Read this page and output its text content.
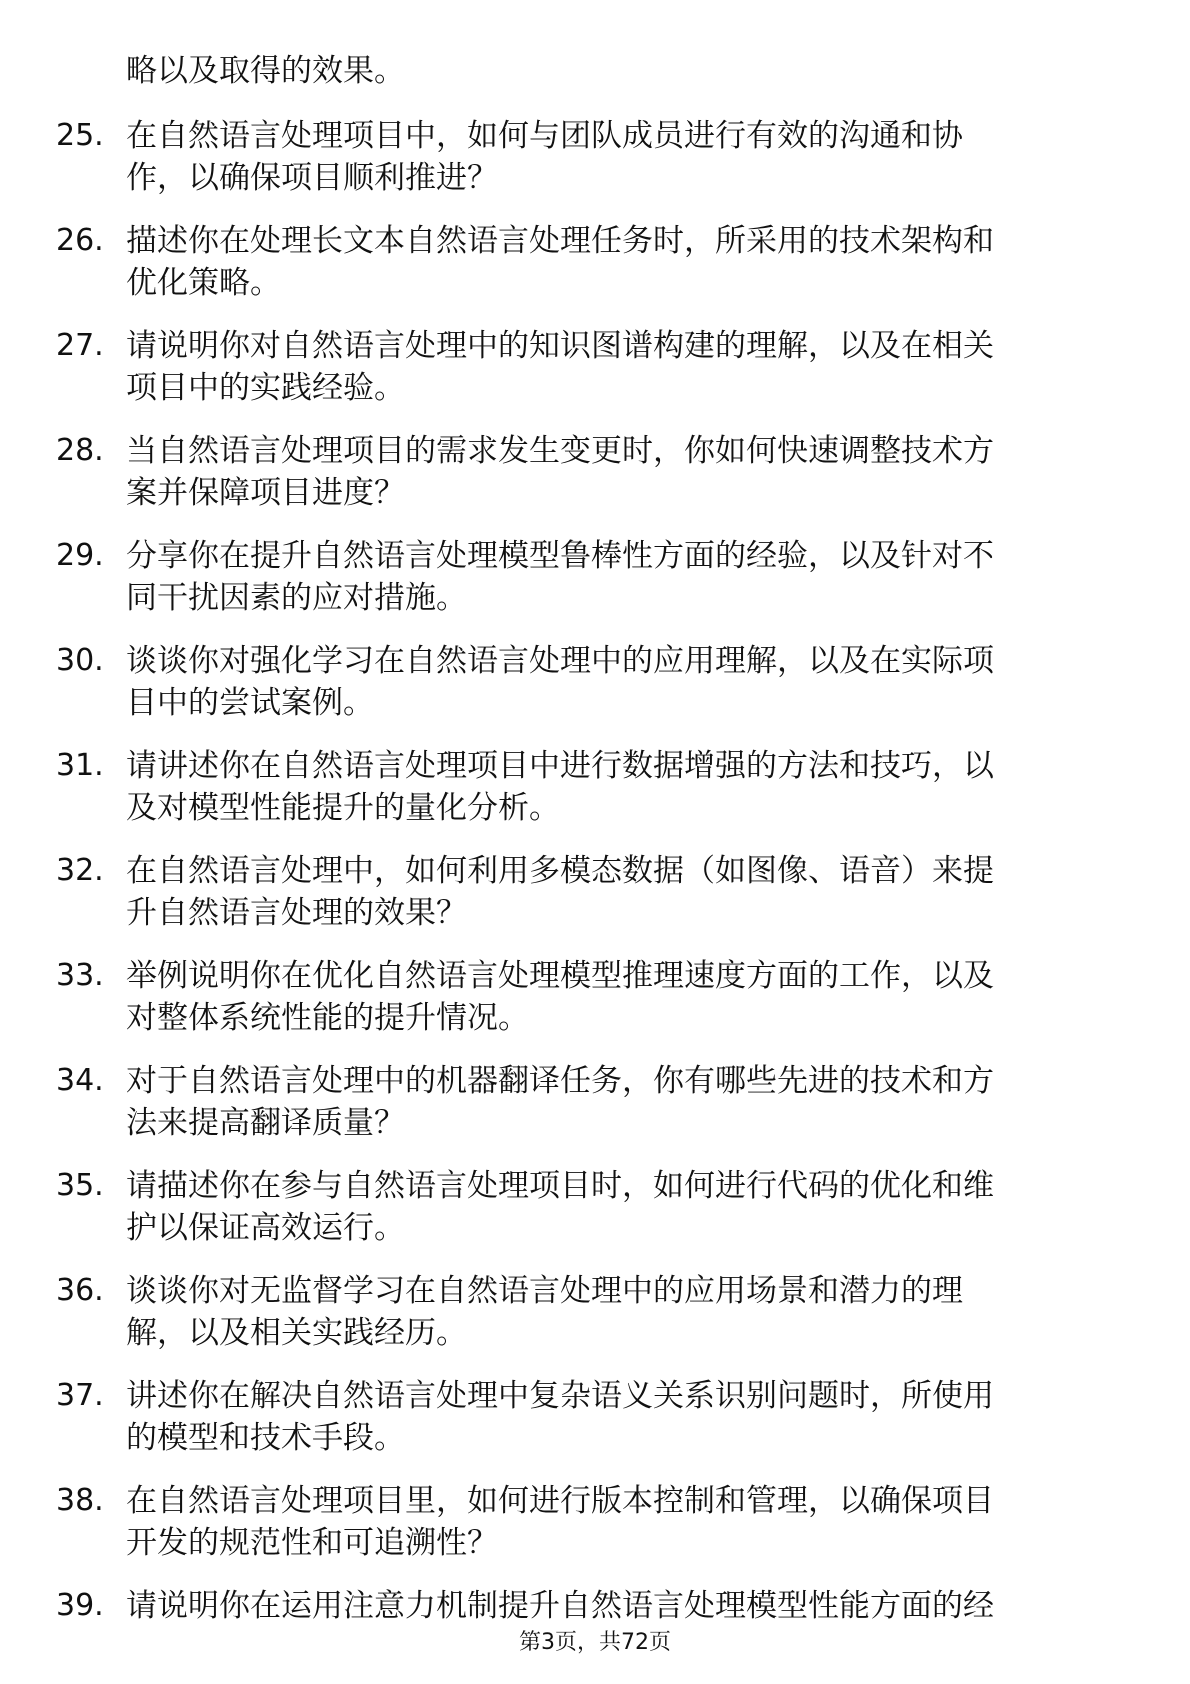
略以及取得的效果。
25. 在自然语言处理项目中，如何与团队成员进行有效的沟通和协
作，以确保项目顺利推进？
26. 描述你在处理长文本自然语言处理任务时，所采用的技术架构和
优化策略。
27. 请说明你对自然语言处理中的知识图谱构建的理解，以及在相关
项目中的实践经验。
28. 当自然语言处理项目的需求发生变更时，你如何快速调整技术方
案并保障项目进度？
29. 分享你在提升自然语言处理模型鲁棒性方面的经验，以及针对不
同干扰因素的应对措施。
30. 谈谈你对强化学习在自然语言处理中的应用理解，以及在实际项
目中的尝试案例。
31. 请讲述你在自然语言处理项目中进行数据增强的方法和技巧，以
及对模型性能提升的量化分析。
32. 在自然语言处理中，如何利用多模态数据（如图像、语音）来提
升自然语言处理的效果？
33. 举例说明你在优化自然语言处理模型推理速度方面的工作，以及
对整体系统性能的提升情况。
34. 对于自然语言处理中的机器翻译任务，你有哪些先进的技术和方
法来提高翻译质量？
35. 请描述你在参与自然语言处理项目时，如何进行代码的优化和维
护以保证高效运行。
36. 谈谈你对无监督学习在自然语言处理中的应用场景和潜力的理
解，以及相关实践经历。
37. 讲述你在解决自然语言处理中复杂语义关系识别问题时，所使用
的模型和技术手段。
38. 在自然语言处理项目里，如何进行版本控制和管理，以确保项目
开发的规范性和可追溯性？
39. 请说明你在运用注意力机制提升自然语言处理模型性能方面的经
第3页，共72页
